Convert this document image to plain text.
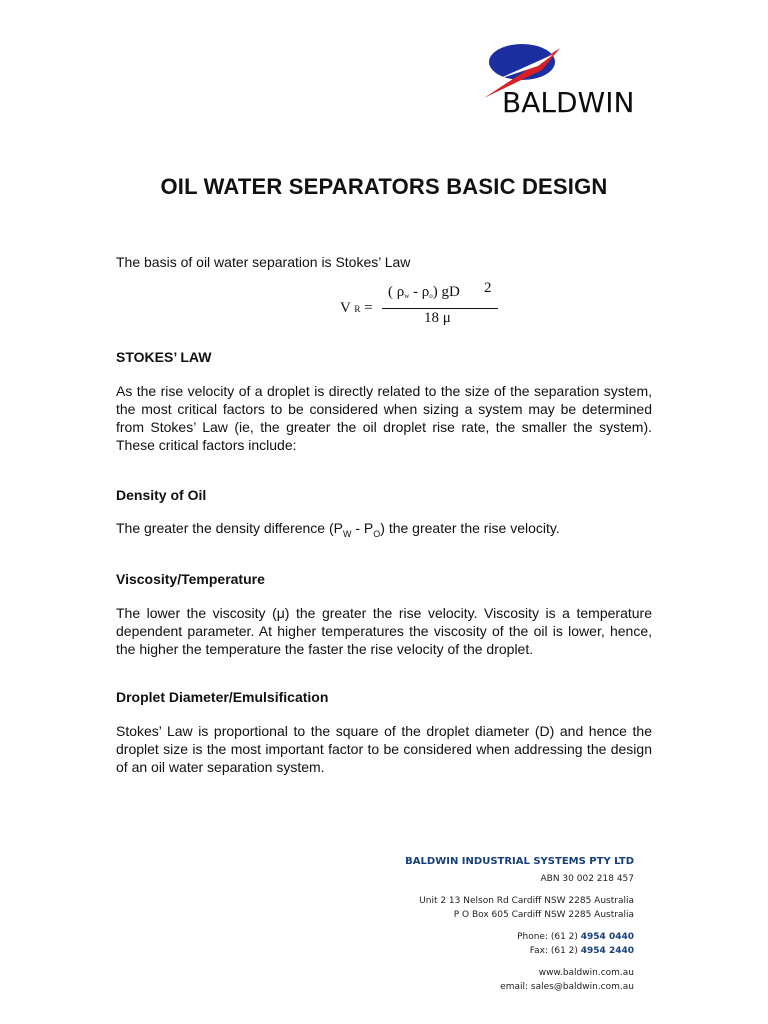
BALDWIN
OIL WATER SEPARATORS BASIC DESIGN
The basis of oil water separation is Stokes’ Law
V R =
( $\rho_w - \rho_o$) gD 2
18 μ
STOKES’ LAW
As the rise velocity of a droplet is directly related to the size of the separation system, the most critical factors to be considered when sizing a system may be determined from Stokes’ Law (ie, the greater the oil droplet rise rate, the smaller the system). These critical factors include:
Density of Oil
The greater the density difference $(P_W - P_O)$ the greater the rise velocity.
Viscosity/Temperature
The lower the viscosity (μ) the greater the rise velocity. Viscosity is a temperature dependent parameter. At higher temperatures the viscosity of the oil is lower, hence, the higher the temperature the faster the rise velocity of the droplet.
Droplet Diameter/Emulsification
Stokes’ Law is proportional to the square of the droplet diameter (D) and hence the droplet size is the most important factor to be considered when addressing the design of an oil water separation system.
BALDWIN INDUSTRIAL SYSTEMS PTY LTD
ABN 30 002 218 457
Unit 2 13 Nelson Rd Cardiff NSW 2285 Australia
P O Box 605 Cardiff NSW 2285 Australia
Phone: (61 2) 4954 0440
Fax: (61 2) 4954 2440
www.baldwin.com.au
email: sales@baldwin.com.au
